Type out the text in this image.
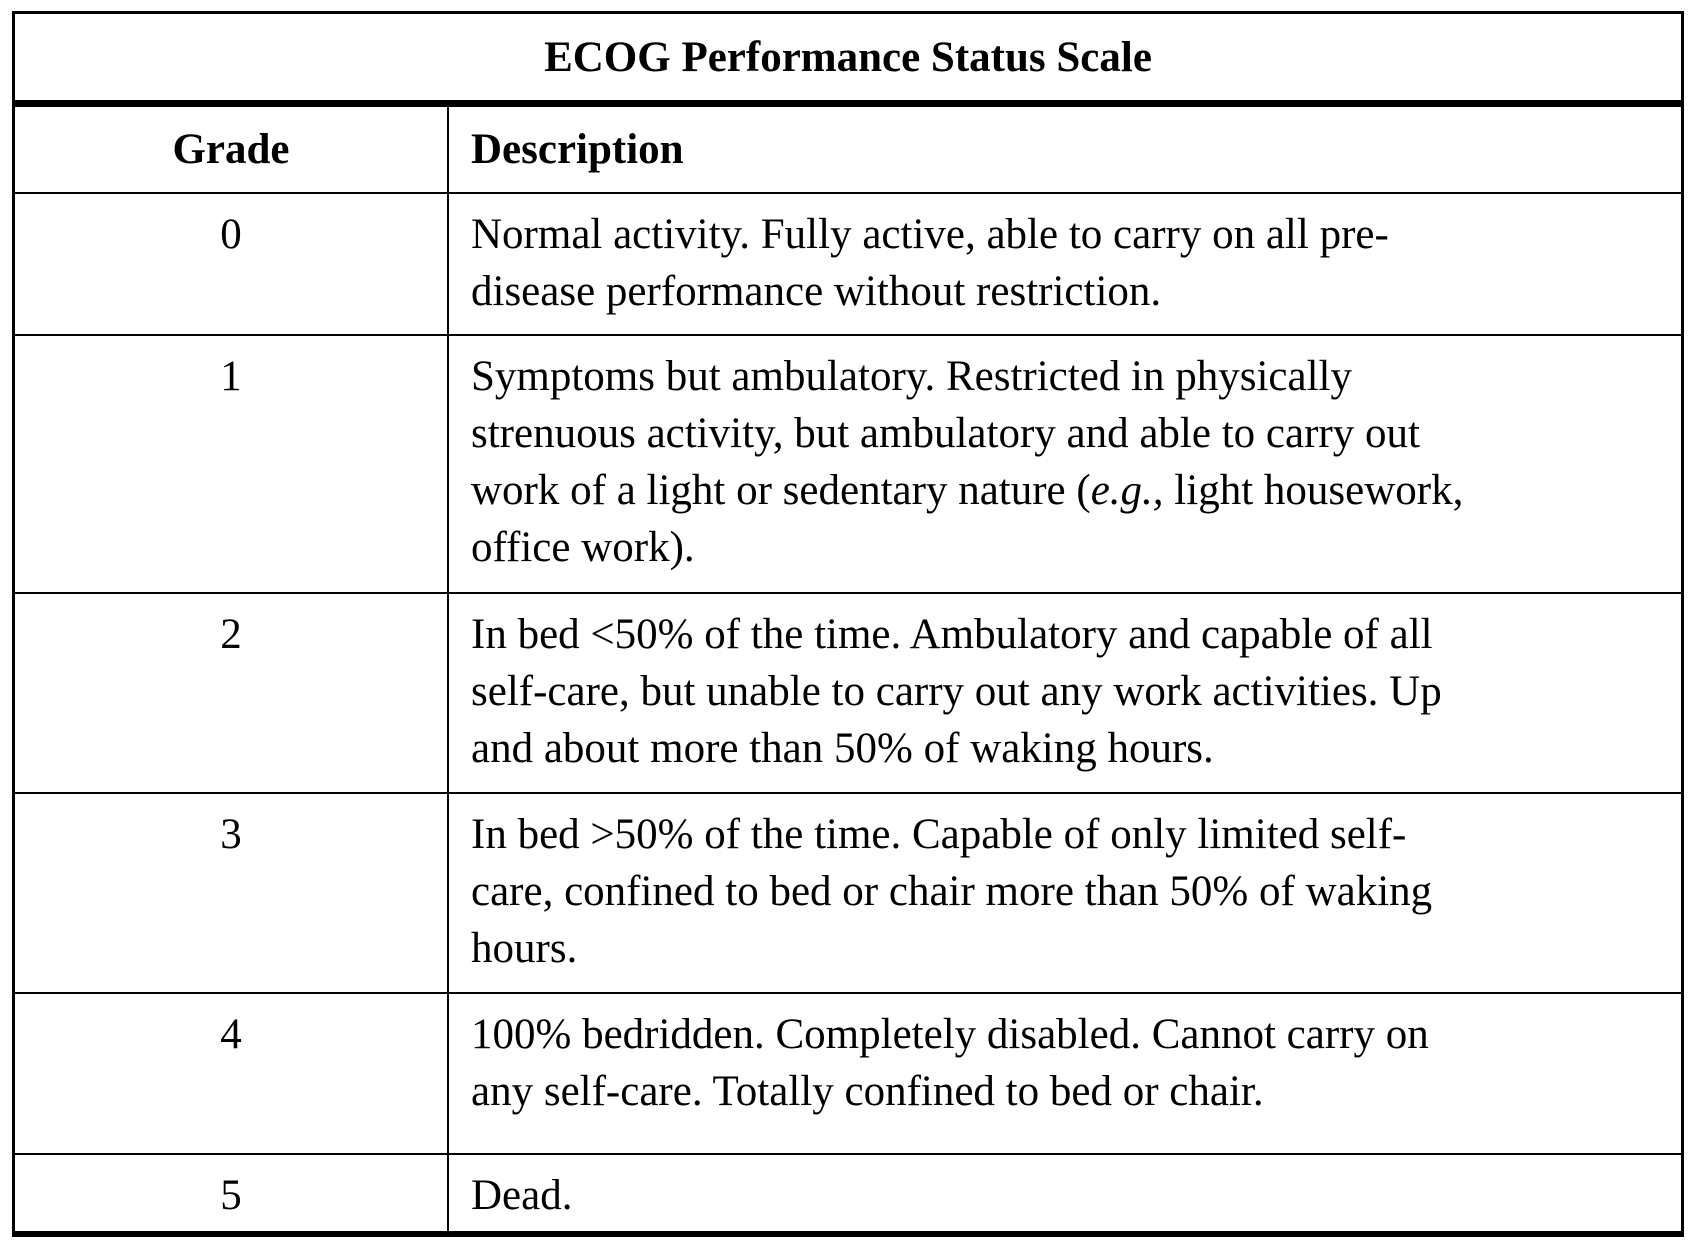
ECOG Performance Status Scale
Grade	Description
0	Normal activity. Fully active, able to carry on all pre-
disease performance without restriction.
1	Symptoms but ambulatory. Restricted in physically
strenuous activity, but ambulatory and able to carry out
work of a light or sedentary nature (e.g., light housework,
office work).
2	In bed <50% of the time. Ambulatory and capable of all
self-care, but unable to carry out any work activities. Up
and about more than 50% of waking hours.
3	In bed >50% of the time. Capable of only limited self-
care, confined to bed or chair more than 50% of waking
hours.
4	100% bedridden. Completely disabled. Cannot carry on
any self-care. Totally confined to bed or chair.
5	Dead.
